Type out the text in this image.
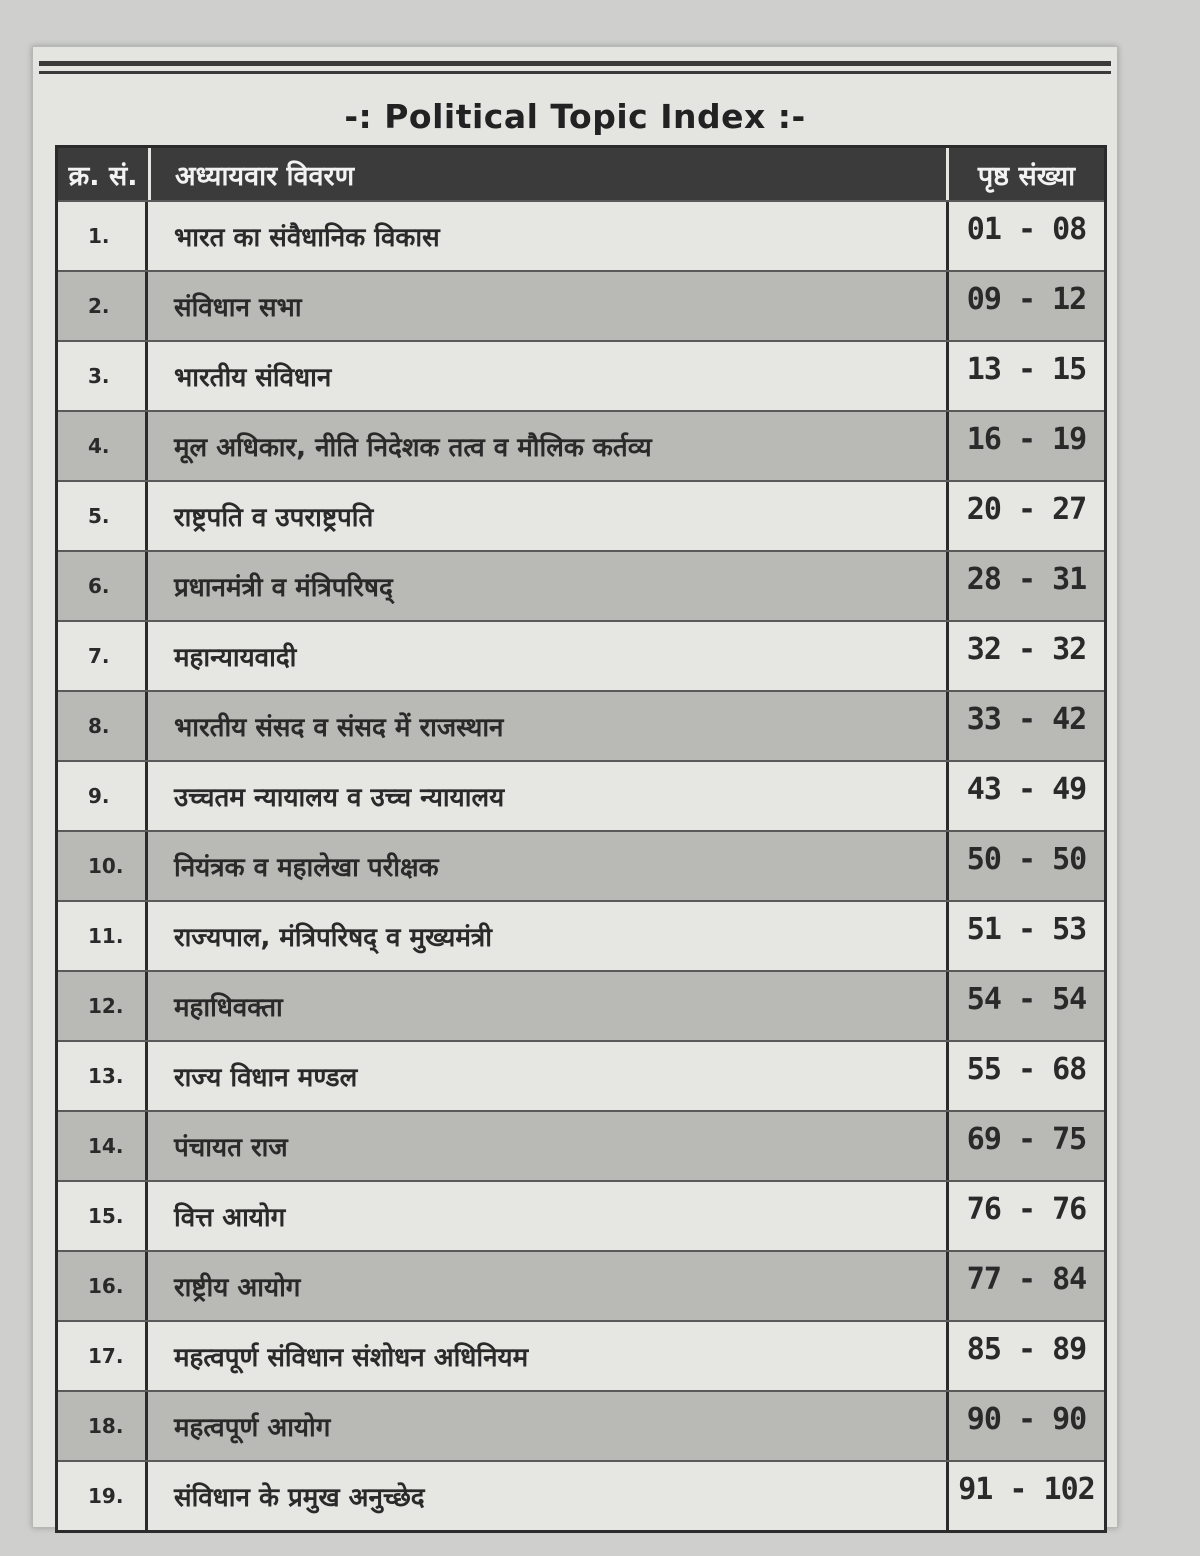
-: Political Topic Index :-
क्र. सं.	अध्यायवार विवरण	पृष्ठ संख्या
1.	भारत का संवैधानिक विकास	01 - 08
2.	संविधान सभा	09 - 12
3.	भारतीय संविधान	13 - 15
4.	मूल अधिकार, नीति निदेशक तत्व व मौलिक कर्तव्य	16 - 19
5.	राष्ट्रपति व उपराष्ट्रपति	20 - 27
6.	प्रधानमंत्री व मंत्रिपरिषद्	28 - 31
7.	महान्यायवादी	32 - 32
8.	भारतीय संसद व संसद में राजस्थान	33 - 42
9.	उच्चतम न्यायालय व उच्च न्यायालय	43 - 49
10.	नियंत्रक व महालेखा परीक्षक	50 - 50
11.	राज्यपाल, मंत्रिपरिषद् व मुख्यमंत्री	51 - 53
12.	महाधिवक्ता	54 - 54
13.	राज्य विधान मण्डल	55 - 68
14.	पंचायत राज	69 - 75
15.	वित्त आयोग	76 - 76
16.	राष्ट्रीय आयोग	77 - 84
17.	महत्वपूर्ण संविधान संशोधन अधिनियम	85 - 89
18.	महत्वपूर्ण आयोग	90 - 90
19.	संविधान के प्रमुख अनुच्छेद	91 - 102
